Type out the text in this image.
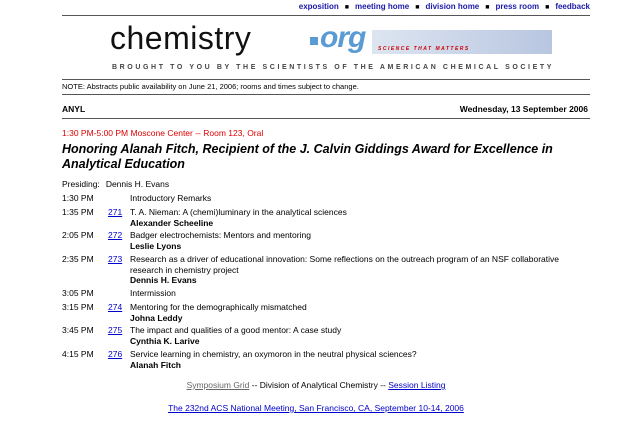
exposition ■ meeting home ■ division home ■ press room ■ feedback
chemistry org	SCIENCE THAT MATTERS
BROUGHT TO YOU BY THE SCIENTISTS OF THE AMERICAN CHEMICAL SOCIETY
NOTE: Abstracts public availability on June 21, 2006; rooms and times subject to change.
ANYL	Wednesday, 13 September 2006
1:30 PM-5:00 PM Moscone Center -- Room 123, Oral
Honoring Alanah Fitch, Recipient of the J. Calvin Giddings Award for Excellence in Analytical Education
Presiding: Dennis H. Evans
1:30 PM	Introductory Remarks
1:35 PM	271 T. A. Nieman: A (chemi)luminary in the analytical sciences
Alexander Scheeline
2:05 PM	272 Badger electrochemists: Mentors and mentoring
Leslie Lyons
2:35 PM	273 Research as a driver of educational innovation: Some reflections on the outreach program of an NSF collaborative research in chemistry project
Dennis H. Evans
3:05 PM	Intermission
3:15 PM	274 Mentoring for the demographically mismatched
Johna Leddy
3:45 PM	275 The impact and qualities of a good mentor: A case study
Cynthia K. Larive
4:15 PM	276 Service learning in chemistry, an oxymoron in the neutral physical sciences?
Alanah Fitch
Symposium Grid -- Division of Analytical Chemistry -- Session Listing
The 232nd ACS National Meeting, San Francisco, CA, September 10-14, 2006
